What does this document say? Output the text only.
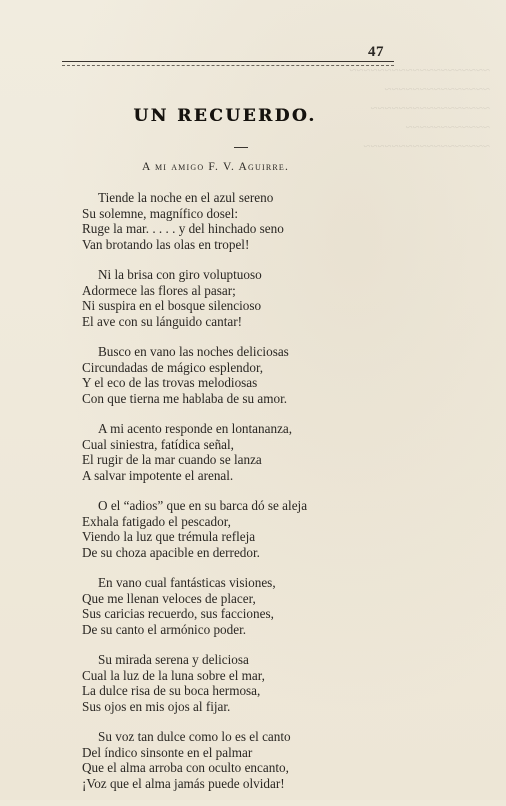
~~~~~~~~~~~~~~~~~~~~
~~~~~~~~~~~~~~~
~~~~~~~~~~~~~~~~~
~~~~~~~~~~~~
~~~~~~~~~~~~~~~~~~
47
UN RECUERDO.
A mi amigo F. V. Aguirre.
Tiende la noche en el azul sereno
Su solemne, magnífico dosel:
Ruge la mar. . . . . y del hinchado seno
Van brotando las olas en tropel!
Ni la brisa con giro voluptuoso
Adormece las flores al pasar;
Ni suspira en el bosque silencioso
El ave con su lánguido cantar!
Busco en vano las noches deliciosas
Circundadas de mágico esplendor,
Y el eco de las trovas melodiosas
Con que tierna me hablaba de su amor.
A mi acento responde en lontananza,
Cual siniestra, fatídica señal,
El rugir de la mar cuando se lanza
A salvar impotente el arenal.
O el “adios” que en su barca dó se aleja
Exhala fatigado el pescador,
Viendo la luz que trémula refleja
De su choza apacible en derredor.
En vano cual fantásticas visiones,
Que me llenan veloces de placer,
Sus caricias recuerdo, sus facciones,
De su canto el armónico poder.
Su mirada serena y deliciosa
Cual la luz de la luna sobre el mar,
La dulce risa de su boca hermosa,
Sus ojos en mis ojos al fijar.
Su voz tan dulce como lo es el canto
Del índico sinsonte en el palmar
Que el alma arroba con oculto encanto,
¡Voz que el alma jamás puede olvidar!
